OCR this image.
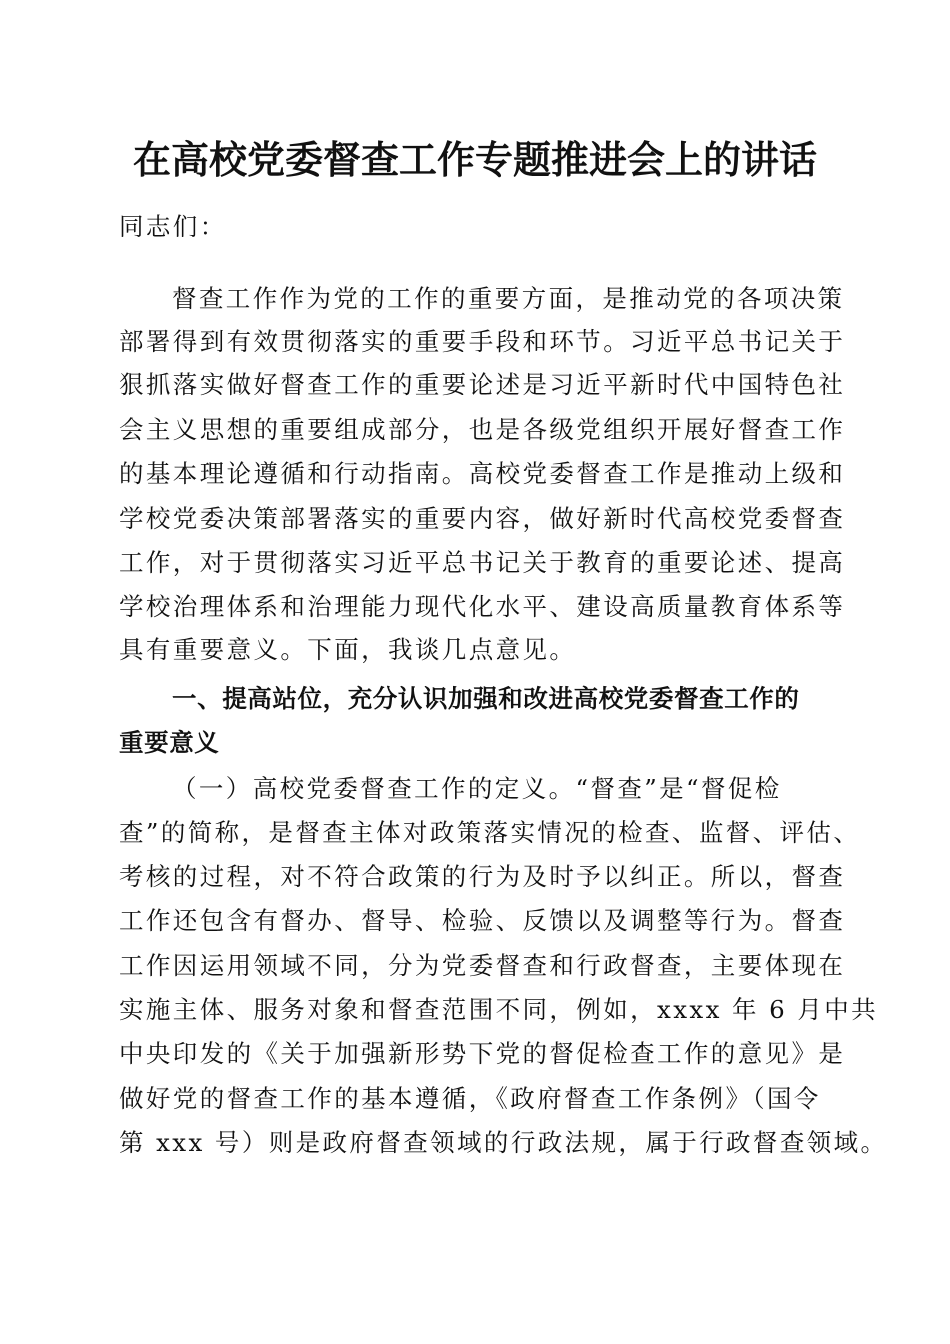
在高校党委督查工作专题推进会上的讲话
同志们：
督查工作作为党的工作的重要方面，是推动党的各项决策
部署得到有效贯彻落实的重要手段和环节。习近平总书记关于
狠抓落实做好督查工作的重要论述是习近平新时代中国特色社
会主义思想的重要组成部分，也是各级党组织开展好督查工作
的基本理论遵循和行动指南。高校党委督查工作是推动上级和
学校党委决策部署落实的重要内容，做好新时代高校党委督查
工作，对于贯彻落实习近平总书记关于教育的重要论述、提高
学校治理体系和治理能力现代化水平、建设高质量教育体系等
具有重要意义。下面，我谈几点意见。
一、提高站位，充分认识加强和改进高校党委督查工作的
重要意义
（一）高校党委督查工作的定义。“督查”是“督促检
查”的简称，是督查主体对政策落实情况的检查、监督、评估、
考核的过程，对不符合政策的行为及时予以纠正。所以，督查
工作还包含有督办、督导、检验、反馈以及调整等行为。督查
工作因运用领域不同，分为党委督查和行政督查，主要体现在
实施主体、服务对象和督查范围不同，例如，xxxx 年 6 月中共
中央印发的《关于加强新形势下党的督促检查工作的意见》是
做好党的督查工作的基本遵循，《政府督查工作条例》（国令
第 xxx 号）则是政府督查领域的行政法规，属于行政督查领域。
